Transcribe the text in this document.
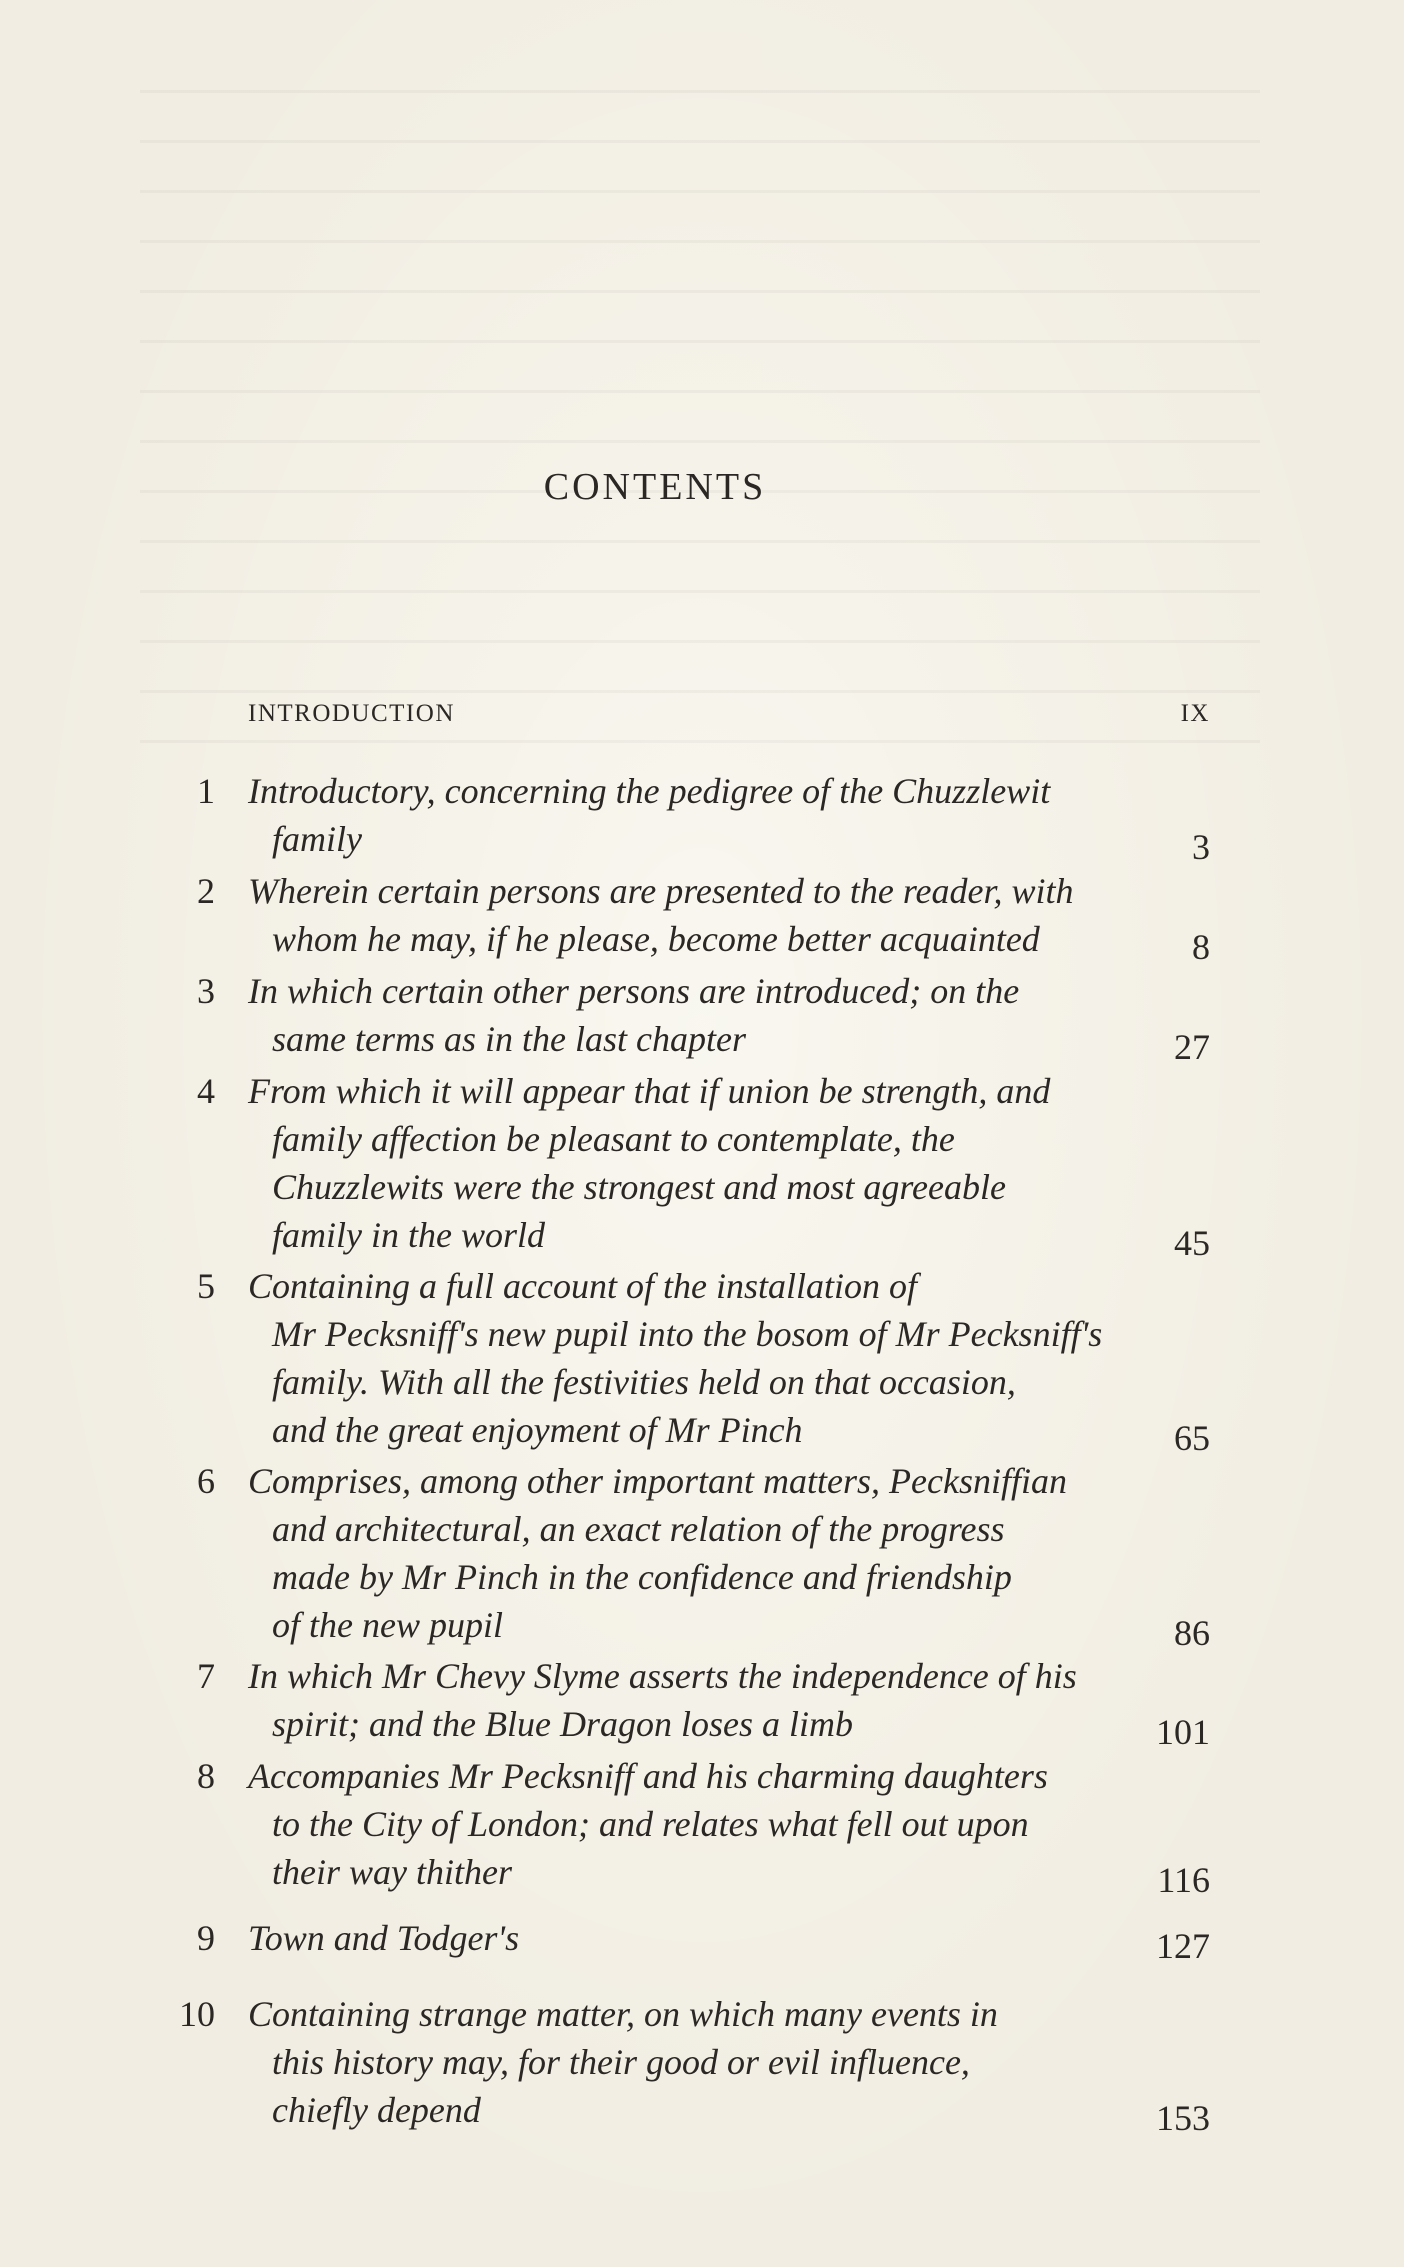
CONTENTS
INTRODUCTION	IX
1 Introductory, concerning the pedigree of the Chuzzlewit
family	3
2 Wherein certain persons are presented to the reader, with
whom he may, if he please, become better acquainted	8
3 In which certain other persons are introduced; on the
same terms as in the last chapter	27
4 From which it will appear that if union be strength, and
family affection be pleasant to contemplate, the
Chuzzlewits were the strongest and most agreeable
family in the world	45
5 Containing a full account of the installation of
Mr Pecksniff's new pupil into the bosom of Mr Pecksniff's
family. With all the festivities held on that occasion,
and the great enjoyment of Mr Pinch	65
6 Comprises, among other important matters, Pecksniffian
and architectural, an exact relation of the progress
made by Mr Pinch in the confidence and friendship
of the new pupil	86
7 In which Mr Chevy Slyme asserts the independence of his
spirit; and the Blue Dragon loses a limb	101
8 Accompanies Mr Pecksniff and his charming daughters
to the City of London; and relates what fell out upon
their way thither	116
9 Town and Todger's	127
10 Containing strange matter, on which many events in
this history may, for their good or evil influence,
chiefly depend	153
